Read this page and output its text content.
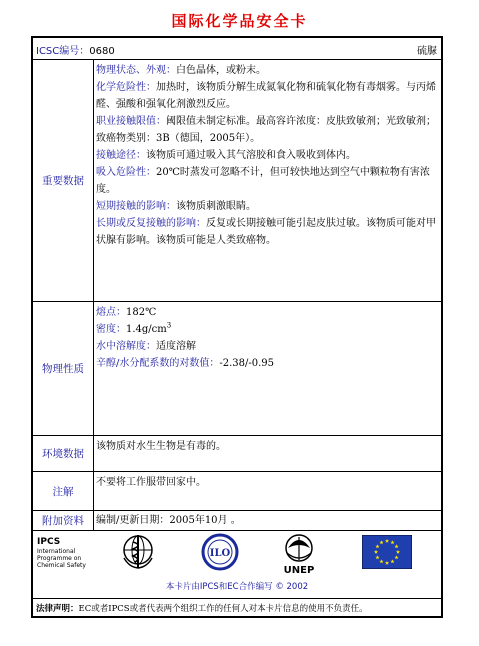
国际化学品安全卡
ICSC编号：0680	硫脲
重要数据
物理状态、外观：白色晶体，或粉末。
化学危险性：加热时，该物质分解生成氮氧化物和硫氧化物有毒烟雾。与丙烯醛、强酸和强氧化剂激烈反应。
职业接触限值：阈限值未制定标准。最高容许浓度：皮肤致敏剂；光致敏剂；致癌物类别：3B（德国，2005年）。
接触途径：该物质可通过吸入其气溶胶和食入吸收到体内。
吸入危险性：20℃时蒸发可忽略不计，但可较快地达到空气中颗粒物有害浓度。
短期接触的影响：该物质刺激眼睛。
长期或反复接触的影响：反复或长期接触可能引起皮肤过敏。该物质可能对甲状腺有影响。该物质可能是人类致癌物。
物理性质
熔点：182℃
密度：$1.4g/cm^3$
水中溶解度：适度溶解
辛醇/水分配系数的对数值：-2.38/-0.95
环境数据
该物质对水生生物是有毒的。
注解
不要将工作服带回家中。
附加资料	编制/更新日期：2005年10月 。
IPCS
International
Programme on
Chemical Safety
ILO
UNEP
本卡片由IPCS和EC合作编写 © 2002
法律声明：EC或者IPCS或者代表两个组织工作的任何人对本卡片信息的使用不负责任。
